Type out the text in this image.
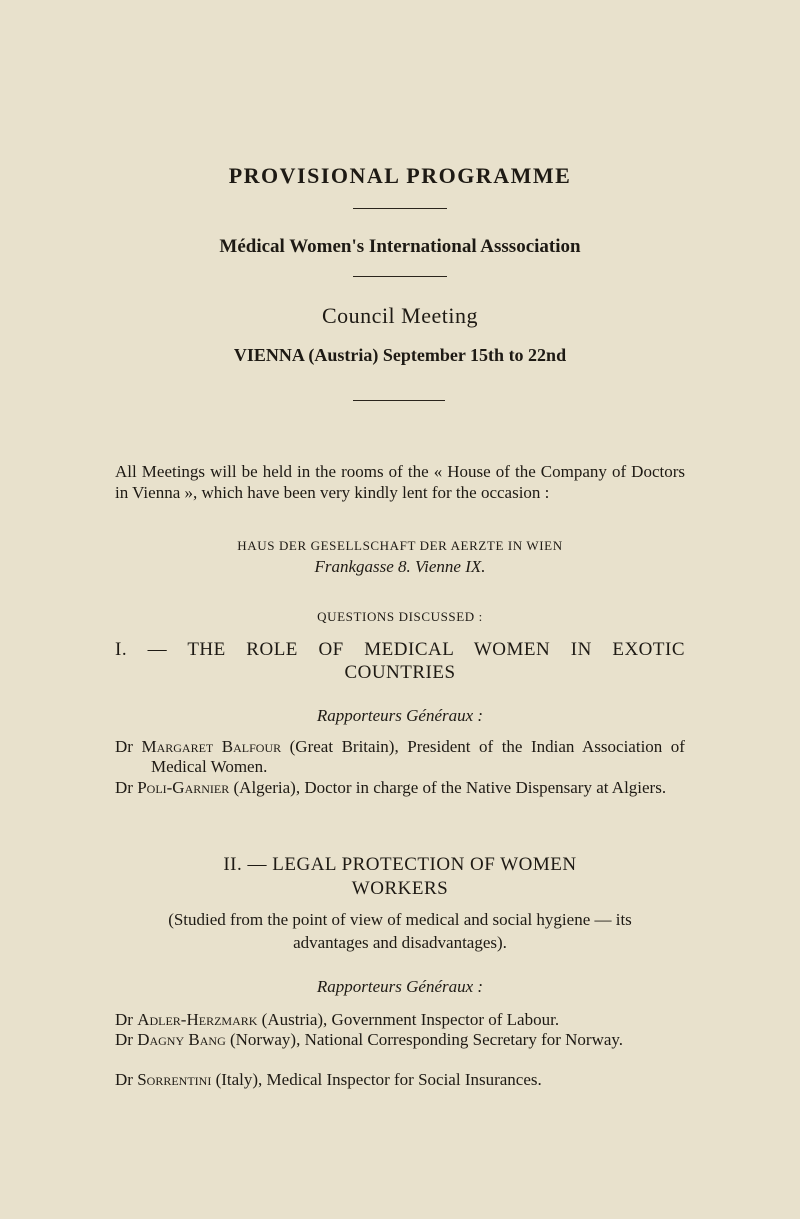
PROVISIONAL PROGRAMME
Médical Women's International Asssociation
Council Meeting
VIENNA (Austria) September 15th to 22nd
All Meetings will be held in the rooms of the « House of the Company of Doctors in Vienna », which have been very kindly lent for the occasion :
HAUS DER GESELLSCHAFT DER AERZTE IN WIEN
Frankgasse 8. Vienne IX.
QUESTIONS DISCUSSED :
I. — THE ROLE OF MEDICAL WOMEN IN EXOTIC
COUNTRIES
Rapporteurs Généraux :
Dr Margaret Balfour (Great Britain), President of the Indian Association of Medical Women.
Dr Poli-Garnier (Algeria), Doctor in charge of the Native Dispensary at Algiers.
II. — LEGAL PROTECTION OF WOMEN
WORKERS
(Studied from the point of view of medical and social hygiene — its
advantages and disadvantages).
Rapporteurs Généraux :
Dr Adler-Herzmark (Austria), Government Inspector of Labour.
Dr Dagny Bang (Norway), National Corresponding Secretary for Norway.
Dr Sorrentini (Italy), Medical Inspector for Social Insurances.
